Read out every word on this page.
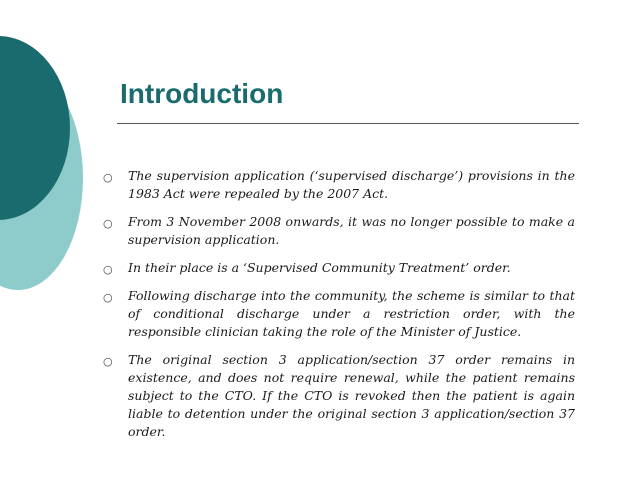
Introduction
○ The supervision application (‘supervised discharge’) provisions in the 1983 Act were repealed by the 2007 Act.
○ From 3 November 2008 onwards, it was no longer possible to make a supervision application.
○ In their place is a ‘Supervised Community Treatment’ order.
○ Following discharge into the community, the scheme is similar to that of conditional discharge under a restriction order, with the responsible clinician taking the role of the Minister of Justice.
○ The original section 3 application/section 37 order remains in existence, and does not require renewal, while the patient remains subject to the CTO. If the CTO is revoked then the patient is again liable to detention under the original section 3 application/section 37 order.
